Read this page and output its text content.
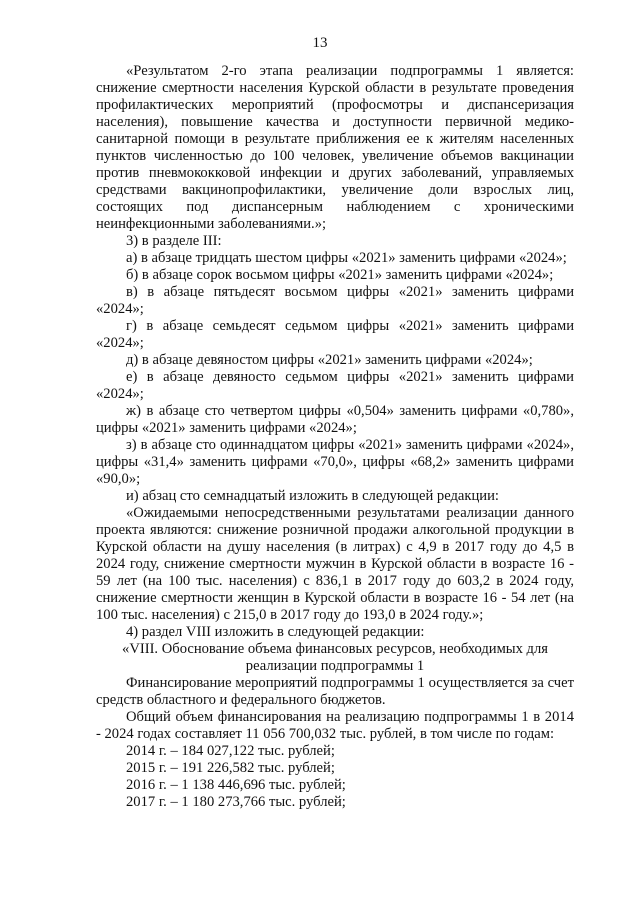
13

«Результатом 2-го этапа реализации подпрограммы 1 является: снижение смертности населения Курской области в результате проведения профилактических мероприятий (профосмотры и диспансеризация населения), повышение качества и доступности первичной медико-санитарной помощи в результате приближения ее к жителям населенных пунктов численностью до 100 человек, увеличение объемов вакцинации против пневмококковой инфекции и других заболеваний, управляемых средствами вакцинопрофилактики, увеличение доли взрослых лиц, состоящих под диспансерным наблюдением с хроническими неинфекционными заболеваниями.»;

3) в разделе III:

а) в абзаце тридцать шестом цифры «2021» заменить цифрами «2024»;

б) в абзаце сорок восьмом цифры «2021» заменить цифрами «2024»;

в) в абзаце пятьдесят восьмом цифры «2021» заменить цифрами «2024»;

г) в абзаце семьдесят седьмом цифры «2021» заменить цифрами «2024»;

д) в абзаце девяностом цифры «2021» заменить цифрами «2024»;

е) в абзаце девяносто седьмом цифры «2021» заменить цифрами «2024»;

ж) в абзаце сто четвертом цифры «0,504» заменить цифрами «0,780», цифры «2021» заменить цифрами «2024»;

з) в абзаце сто одиннадцатом цифры «2021» заменить цифрами «2024», цифры «31,4» заменить цифрами «70,0», цифры «68,2» заменить цифрами «90,0»;

и) абзац сто семнадцатый изложить в следующей редакции:

«Ожидаемыми непосредственными результатами реализации данного проекта являются: снижение розничной продажи алкогольной продукции в Курской области на душу населения (в литрах) с 4,9 в 2017 году до 4,5 в 2024 году, снижение смертности мужчин в Курской области в возрасте 16 - 59 лет (на 100 тыс. населения) с 836,1 в 2017 году до 603,2 в 2024 году, снижение смертности женщин в Курской области в возрасте 16 - 54 лет (на 100 тыс. населения) с 215,0 в 2017 году до 193,0 в 2024 году.»;

4) раздел VIII изложить в следующей редакции:

«VIII. Обоснование объема финансовых ресурсов, необходимых для реализации подпрограммы 1

Финансирование мероприятий подпрограммы 1 осуществляется за счет средств областного и федерального бюджетов.

Общий объем финансирования на реализацию подпрограммы 1 в 2014 - 2024 годах составляет 11 056 700,032 тыс. рублей, в том числе по годам:

2014 г. – 184 027,122 тыс. рублей;

2015 г. – 191 226,582 тыс. рублей;

2016 г. – 1 138 446,696 тыс. рублей;

2017 г. – 1 180 273,766 тыс. рублей;
